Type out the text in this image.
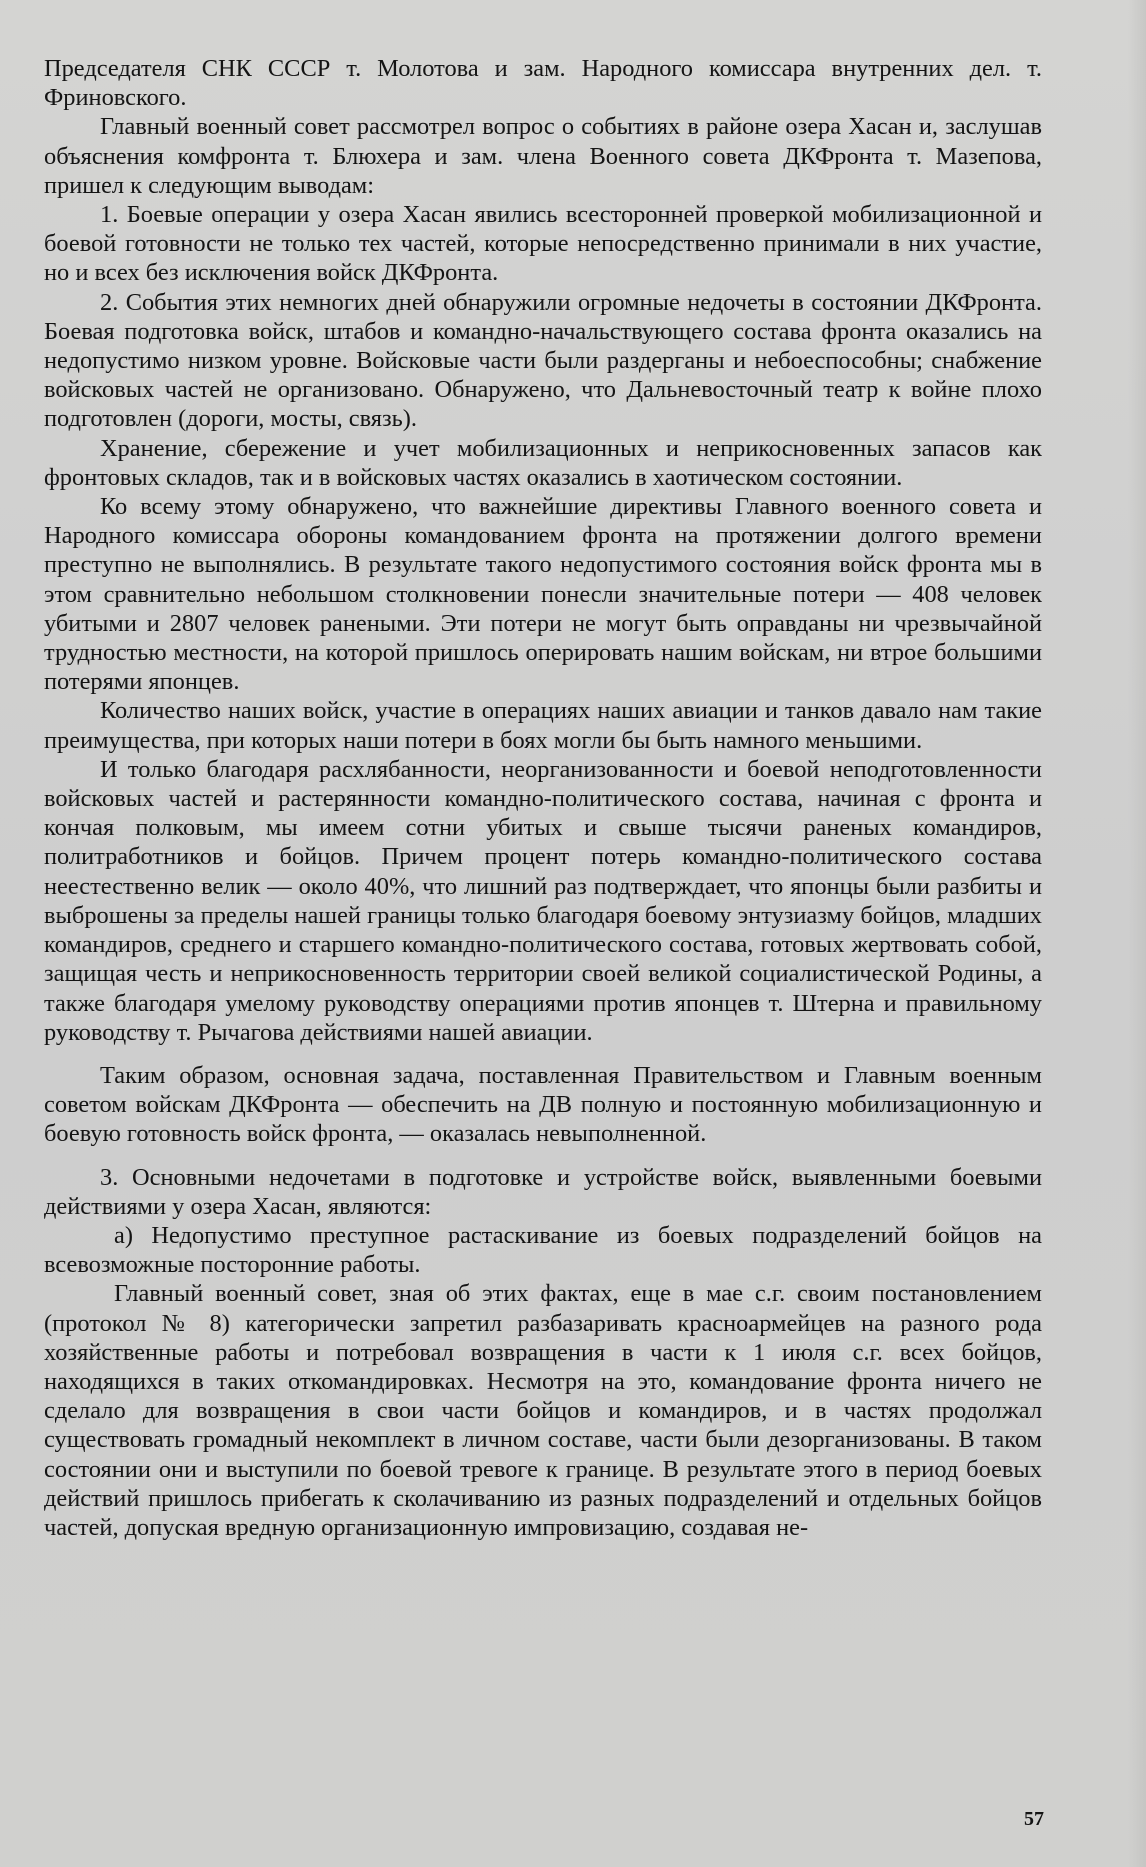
Председателя СНК СССР т. Молотова и зам. Народного комиссара внутренних дел. т. Фриновского.

Главный военный совет рассмотрел вопрос о событиях в районе озера Хасан и, заслушав объяснения комфронта т. Блюхера и зам. члена Военного совета ДКФронта т. Мазепова, пришел к следующим выводам:

1. Боевые операции у озера Хасан явились всесторонней проверкой мобилизационной и боевой готовности не только тех частей, которые непосредственно принимали в них участие, но и всех без исключения войск ДКФронта.

2. События этих немногих дней обнаружили огромные недочеты в состоянии ДКФронта. Боевая подготовка войск, штабов и командно-начальствующего состава фронта оказались на недопустимо низком уровне. Войсковые части были раздерганы и небоеспособны; снабжение войсковых частей не организовано. Обнаружено, что Дальневосточный театр к войне плохо подготовлен (дороги, мосты, связь).

Хранение, сбережение и учет мобилизационных и неприкосновенных запасов как фронтовых складов, так и в войсковых частях оказались в хаотическом состоянии.

Ко всему этому обнаружено, что важнейшие директивы Главного военного совета и Народного комиссара обороны командованием фронта на протяжении долгого времени преступно не выполнялись. В результате такого недопустимого состояния войск фронта мы в этом сравнительно небольшом столкновении понесли значительные потери — 408 человек убитыми и 2807 человек ранеными. Эти потери не могут быть оправданы ни чрезвычайной трудностью местности, на которой пришлось оперировать нашим войскам, ни втрое большими потерями японцев.

Количество наших войск, участие в операциях наших авиации и танков давало нам такие преимущества, при которых наши потери в боях могли бы быть намного меньшими.

И только благодаря расхлябанности, неорганизованности и боевой неподготовленности войсковых частей и растерянности командно-политического состава, начиная с фронта и кончая полковым, мы имеем сотни убитых и свыше тысячи раненых командиров, политработников и бойцов. Причем процент потерь командно-политического состава неестественно велик — около 40%, что лишний раз подтверждает, что японцы были разбиты и выброшены за пределы нашей границы только благодаря боевому энтузиазму бойцов, младших командиров, среднего и старшего командно-политического состава, готовых жертвовать собой, защищая честь и неприкосновенность территории своей великой социалистической Родины, а также благодаря умелому руководству операциями против японцев т. Штерна и правильному руководству т. Рычагова действиями нашей авиации.

Таким образом, основная задача, поставленная Правительством и Главным военным советом войскам ДКФронта — обеспечить на ДВ полную и постоянную мобилизационную и боевую готовность войск фронта, — оказалась невыполненной.

3. Основными недочетами в подготовке и устройстве войск, выявленными боевыми действиями у озера Хасан, являются:

а) Недопустимо преступное растаскивание из боевых подразделений бойцов на всевозможные посторонние работы.

Главный военный совет, зная об этих фактах, еще в мае с.г. своим постановлением (протокол № 8) категорически запретил разбазаривать красноармейцев на разного рода хозяйственные работы и потребовал возвращения в части к 1 июля с.г. всех бойцов, находящихся в таких откомандировках. Несмотря на это, командование фронта ничего не сделало для возвращения в свои части бойцов и командиров, и в частях продолжал существовать громадный некомплект в личном составе, части были дезорганизованы. В таком состоянии они и выступили по боевой тревоге к границе. В результате этого в период боевых действий пришлось прибегать к сколачиванию из разных подразделений и отдельных бойцов частей, допуская вредную организационную импровизацию, создавая не-

57
